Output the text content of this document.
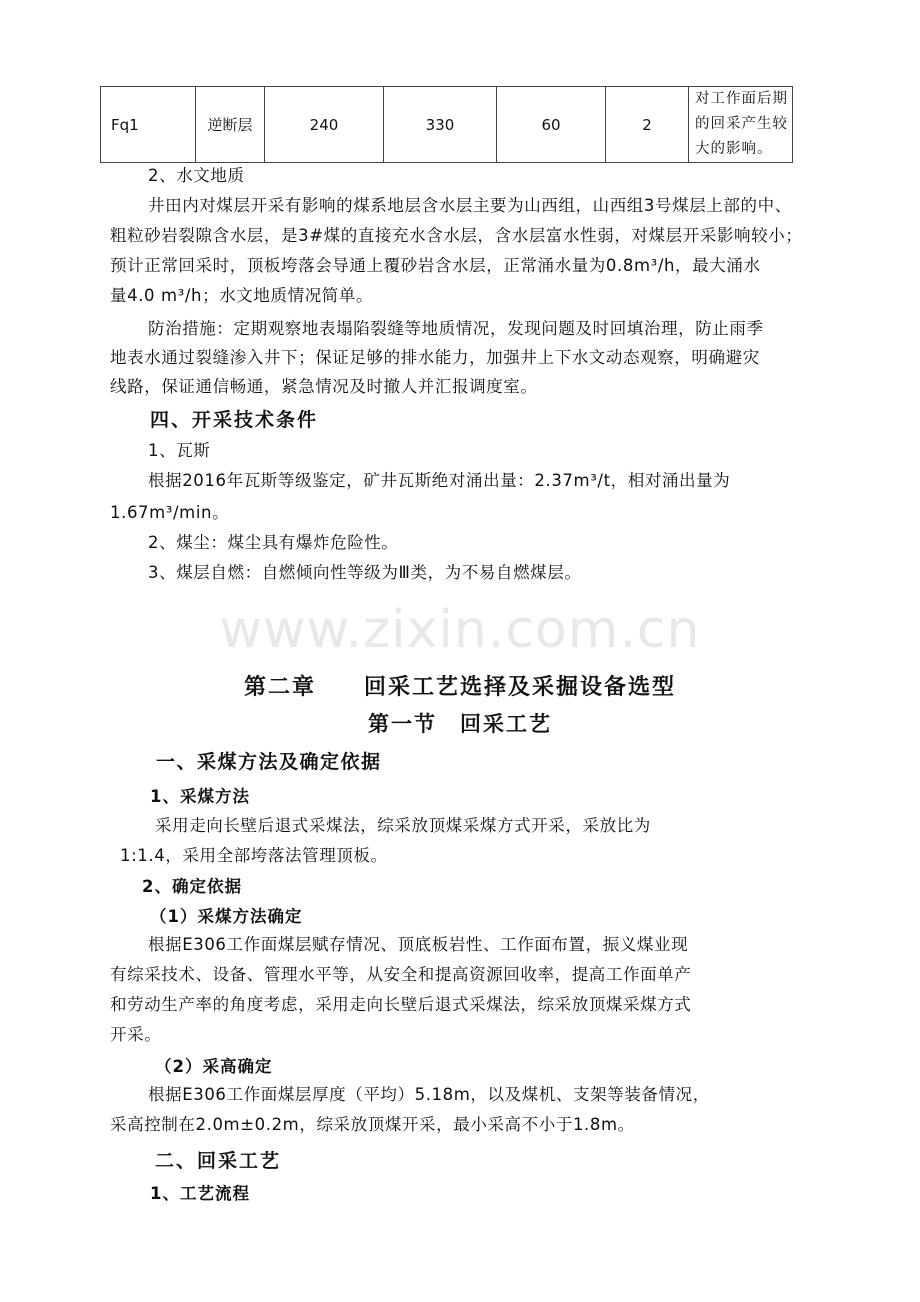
Fq1	逆断层	240	330	60	2	对工作面后期的回采产生较大的影响。
2、水文地质
井田内对煤层开采有影响的煤系地层含水层主要为山西组，山西组3号煤层上部的中、
粗粒砂岩裂隙含水层，是3#煤的直接充水含水层，含水层富水性弱，对煤层开采影响较小；
预计正常回采时，顶板垮落会导通上覆砂岩含水层，正常涌水量为0.8m³/h，最大涌水
量4.0 m³/h；水文地质情况简单。
防治措施：定期观察地表塌陷裂缝等地质情况，发现问题及时回填治理，防止雨季
地表水通过裂缝渗入井下；保证足够的排水能力，加强井上下水文动态观察，明确避灾
线路，保证通信畅通，紧急情况及时撤人并汇报调度室。
四、开采技术条件
1、瓦斯
根据2016年瓦斯等级鉴定，矿井瓦斯绝对涌出量：2.37m³/t，相对涌出量为
1.67m³/min。
2、煤尘：煤尘具有爆炸危险性。
3、煤层自燃：自燃倾向性等级为Ⅲ类，为不易自燃煤层。
www.zixin.com.cn
第二章　　回采工艺选择及采掘设备选型
第一节　回采工艺
一、采煤方法及确定依据
1、采煤方法
采用走向长壁后退式采煤法，综采放顶煤采煤方式开采，采放比为
1:1.4，采用全部垮落法管理顶板。
2、确定依据
（1）采煤方法确定
根据E306工作面煤层赋存情况、顶底板岩性、工作面布置，振义煤业现
有综采技术、设备、管理水平等，从安全和提高资源回收率，提高工作面单产
和劳动生产率的角度考虑，采用走向长壁后退式采煤法，综采放顶煤采煤方式
开采。
（2）采高确定
根据E306工作面煤层厚度（平均）5.18m，以及煤机、支架等装备情况，
采高控制在2.0m±0.2m，综采放顶煤开采，最小采高不小于1.8m。
二、回采工艺
1、工艺流程
